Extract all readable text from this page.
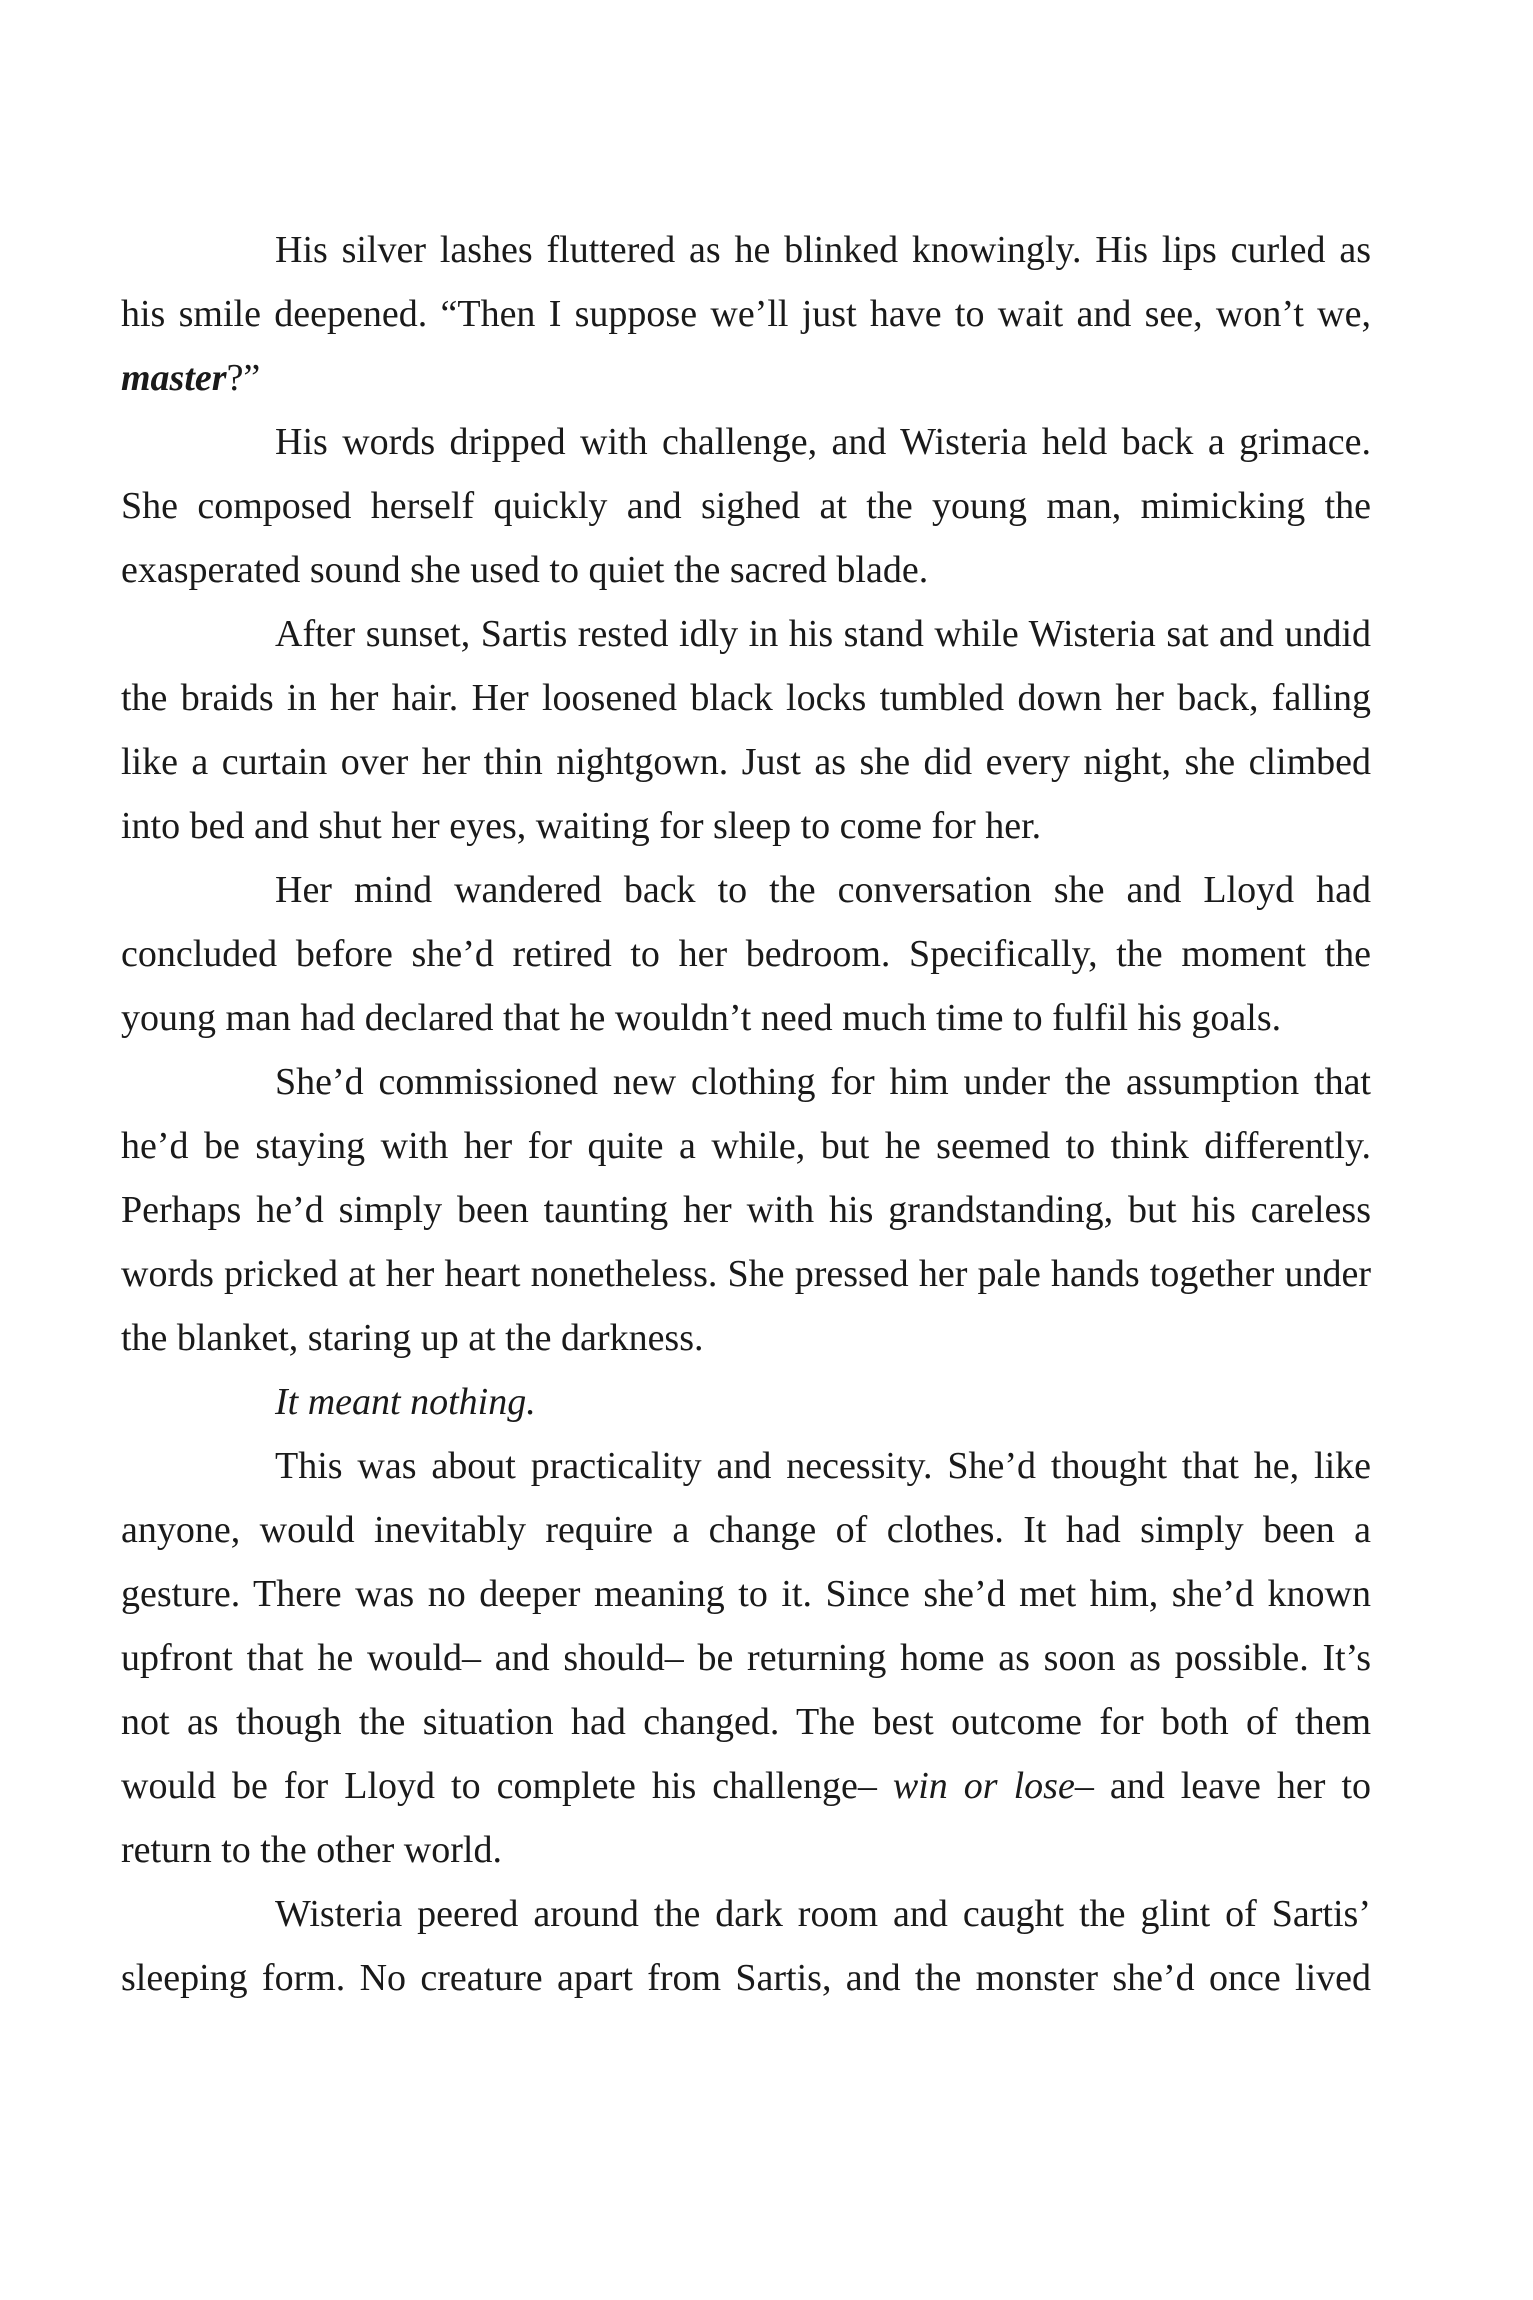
His silver lashes fluttered as he blinked knowingly. His lips curled as his smile deepened. “Then I suppose we’ll just have to wait and see, won’t we, master?”

His words dripped with challenge, and Wisteria held back a grimace. She composed herself quickly and sighed at the young man, mimicking the exasperated sound she used to quiet the sacred blade.

After sunset, Sartis rested idly in his stand while Wisteria sat and undid the braids in her hair. Her loosened black locks tumbled down her back, falling like a curtain over her thin nightgown. Just as she did every night, she climbed into bed and shut her eyes, waiting for sleep to come for her.

Her mind wandered back to the conversation she and Lloyd had concluded before she’d retired to her bedroom. Specifically, the moment the young man had declared that he wouldn’t need much time to fulfil his goals.

She’d commissioned new clothing for him under the assumption that he’d be staying with her for quite a while, but he seemed to think differently. Perhaps he’d simply been taunting her with his grandstanding, but his careless words pricked at her heart nonetheless. She pressed her pale hands together under the blanket, staring up at the darkness.

It meant nothing.

This was about practicality and necessity. She’d thought that he, like anyone, would inevitably require a change of clothes. It had simply been a gesture. There was no deeper meaning to it. Since she’d met him, she’d known upfront that he would– and should– be returning home as soon as possible. It’s not as though the situation had changed. The best outcome for both of them would be for Lloyd to complete his challenge– win or lose– and leave her to return to the other world.

Wisteria peered around the dark room and caught the glint of Sartis’ sleeping form. No creature apart from Sartis, and the monster she’d once lived
